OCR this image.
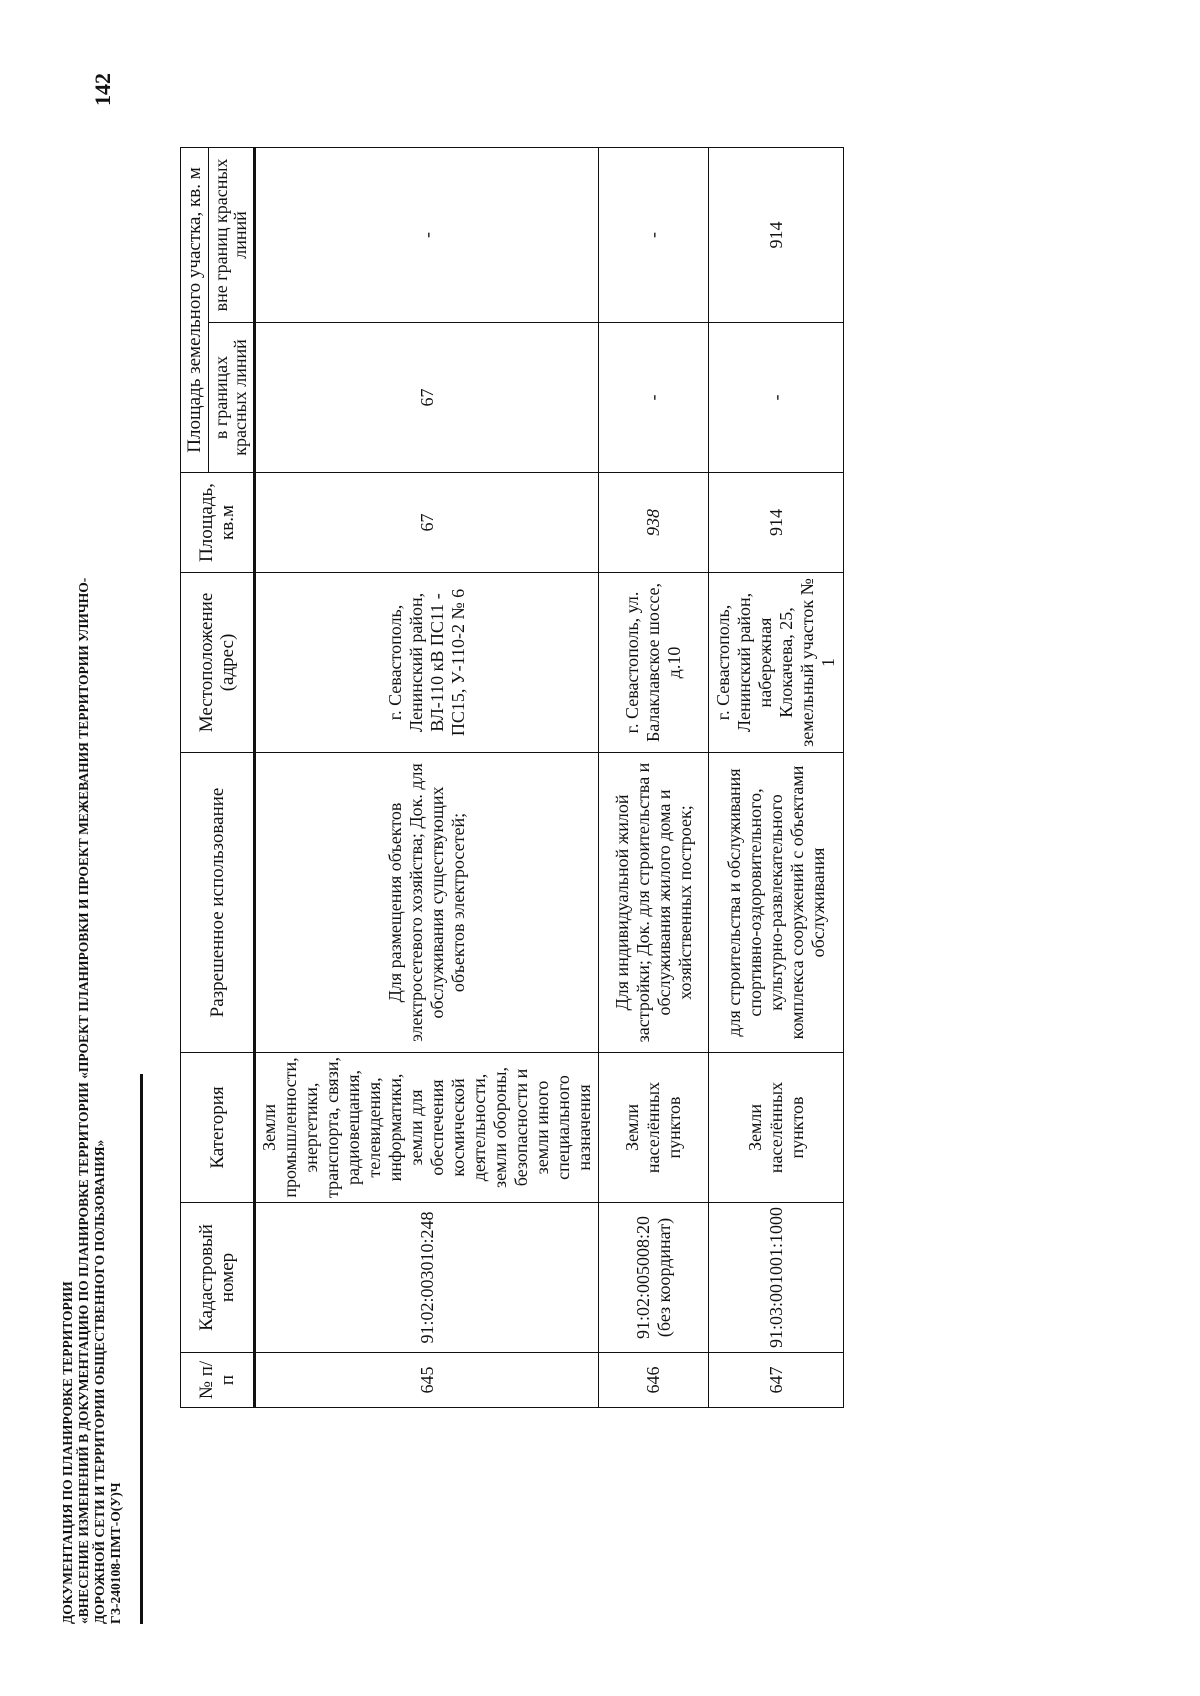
142
ДОКУМЕНТАЦИЯ ПО ПЛАНИРОВКЕ ТЕРРИТОРИИ «ВНЕСЕНИЕ ИЗМЕНЕНИЙ В ДОКУМЕНТАЦИЮ ПО ПЛАНИРОВКЕ ТЕРРИТОРИИ «ПРОЕКТ ПЛАНИРОВКИ И ПРОЕКТ МЕЖЕВАНИЯ ТЕРРИТОРИИ УЛИЧНО- ДОРОЖНОЙ СЕТИ И ТЕРРИТОРИИ ОБЩЕСТВЕННОГО ПОЛЬЗОВАНИЯ» ГЗ-240108-ПМТ-О(У)Ч
№ п/п	Кадастровый номер	Категория	Разрешенное использование	Местоположение (адрес)	Площадь, кв.м	Площадь земельного участка, кв. м	
						в границах красных линий	вне границ красных линий
645	91:02:003010:248	Земли промышленности, энергетики, транспорта, связи, радиовещания, телевидения, информатики, земли для обеспечения космической деятельности, земли обороны, безопасности и земли иного специального назначения	Для размещения объектов электросетевого хозяйства; Док. для обслуживания существующих объектов электросетей;	г. Севастополь, Ленинский район, ВЛ-110 кВ ПС11 - ПС15, У-110-2 № 6	67	67	-
646	91:02:005008:20 (без координат)	Земли населённых пунктов	Для индивидуальной жилой застройки; Док. для строительства и обслуживания жилого дома и хозяйственных построек;	г. Севастополь, ул. Балаклавское шоссе, д.10	938	-	-
647	91:03:001001:1000	Земли населённых пунктов	для строительства и обслуживания спортивно-оздоровительного, культурно-развлекательного комплекса сооружений с объектами обслуживания	г. Севастополь, Ленинский район, набережная Клокачева, 25, земельный участок № 1	914	-	914
